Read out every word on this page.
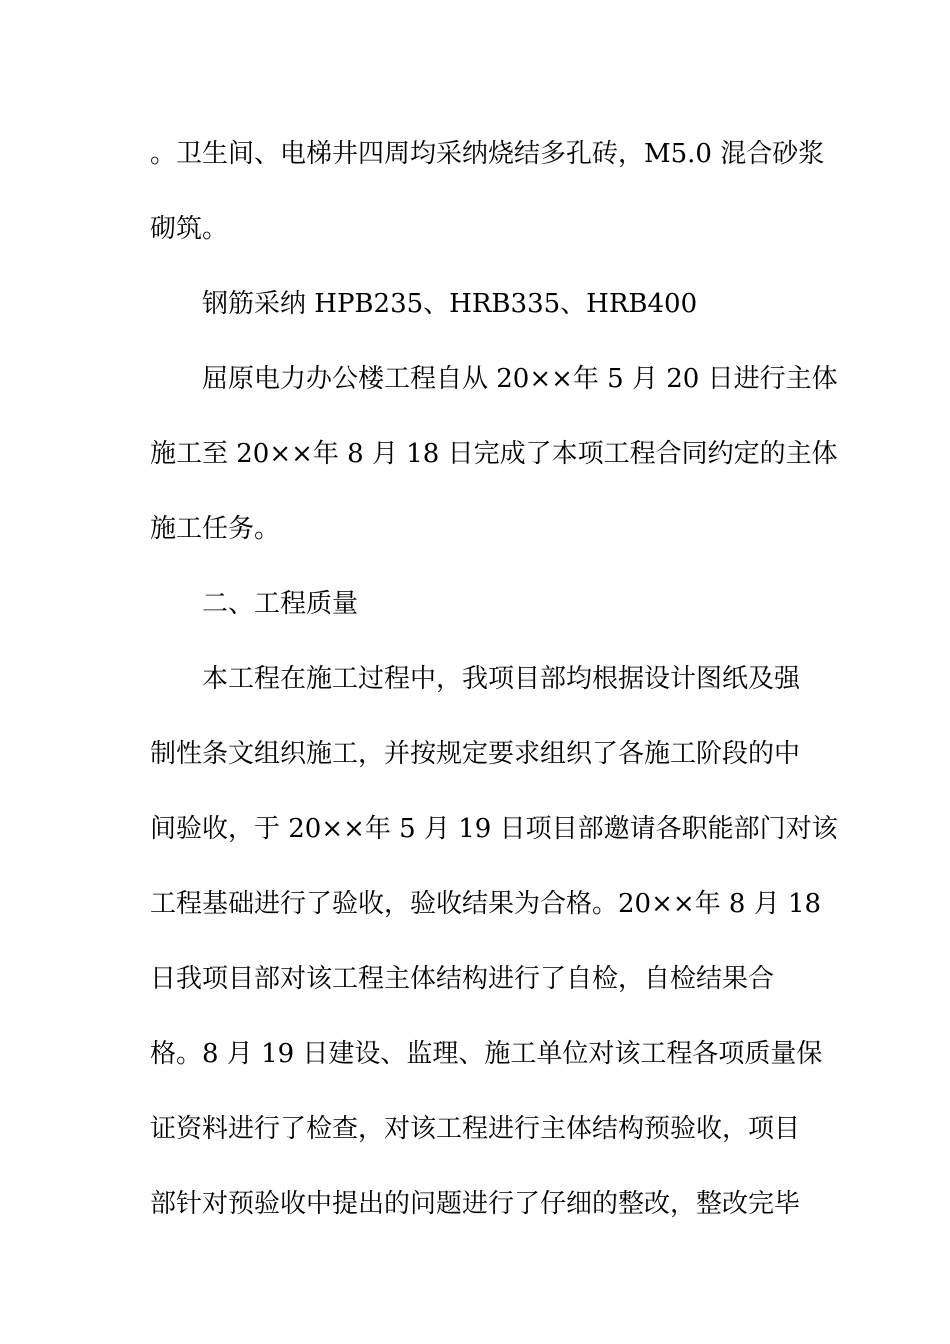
。卫生间、电梯井四周均采纳烧结多孔砖，M5.0 混合砂浆
砌筑。
钢筋采纳 HPB235、HRB335、HRB400
屈原电力办公楼工程自从 20××年 5 月 20 日进行主体
施工至 20××年 8 月 18 日完成了本项工程合同约定的主体
施工任务。
二、工程质量
本工程在施工过程中，我项目部均根据设计图纸及强
制性条文组织施工，并按规定要求组织了各施工阶段的中
间验收，于 20××年 5 月 19 日项目部邀请各职能部门对该
工程基础进行了验收，验收结果为合格。20××年 8 月 18
日我项目部对该工程主体结构进行了自检，自检结果合
格。8 月 19 日建设、监理、施工单位对该工程各项质量保
证资料进行了检查，对该工程进行主体结构预验收，项目
部针对预验收中提出的问题进行了仔细的整改，整改完毕
